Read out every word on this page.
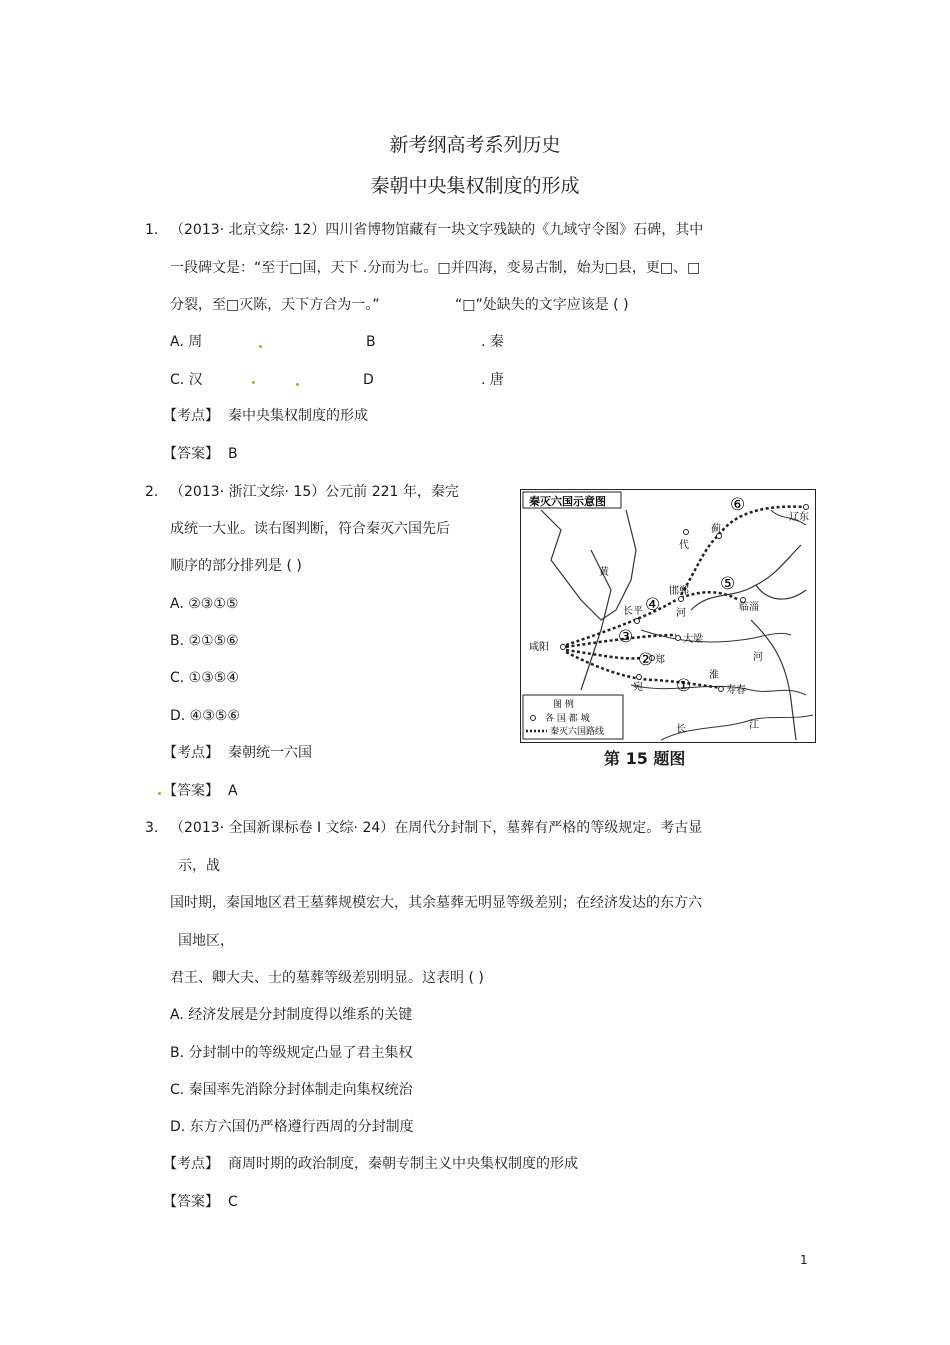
新考纲高考系列历史
秦朝中央集权制度的形成
1. （2013· 北京文综· 12）四川省博物馆藏有一块文字残缺的《九域守令图》石碑，其中
一段碑文是：“至于□国，天下 .分而为七。□并四海，变易古制，始为□县，更□、□
分裂，至□灭陈，天下方合为一。”	“□”处缺失的文字应该是 ( )
A. 周	B	. 秦
C. 汉	D	. 唐
【考点】 秦中央集权制度的形成
【答案】 B
2. （2013· 浙江文综· 15）公元前 221 年，秦完
成统一大业。读右图判断，符合秦灭六国先后
顺序的部分排列是 ( )
A. ②③①⑤
B. ②①⑤⑥
C. ①③⑤④
D. ④③⑤⑥
【考点】 秦朝统一六国
【答案】 A
秦灭六国示意图
咸阳
长平
邯郸
大梁
郑
宛	寿春
临淄
蓟
代
辽东
黄
河
淮
河
长	江
①
②
③
④
⑤
⑥
图 例
各 国 都 城
秦灭六国路线
第 15 题图
3. （2013· 全国新课标卷 I 文综· 24）在周代分封制下，墓葬有严格的等级规定。考古显
示，战
国时期，秦国地区君王墓葬规模宏大，其余墓葬无明显等级差别；在经济发达的东方六
国地区，
君王、卿大夫、士的墓葬等级差别明显。这表明 ( )
A. 经济发展是分封制度得以维系的关键
B. 分封制中的等级规定凸显了君主集权
C. 秦国率先消除分封体制走向集权统治
D. 东方六国仍严格遵行西周的分封制度
【考点】 商周时期的政治制度，秦朝专制主义中央集权制度的形成
【答案】 C
1
